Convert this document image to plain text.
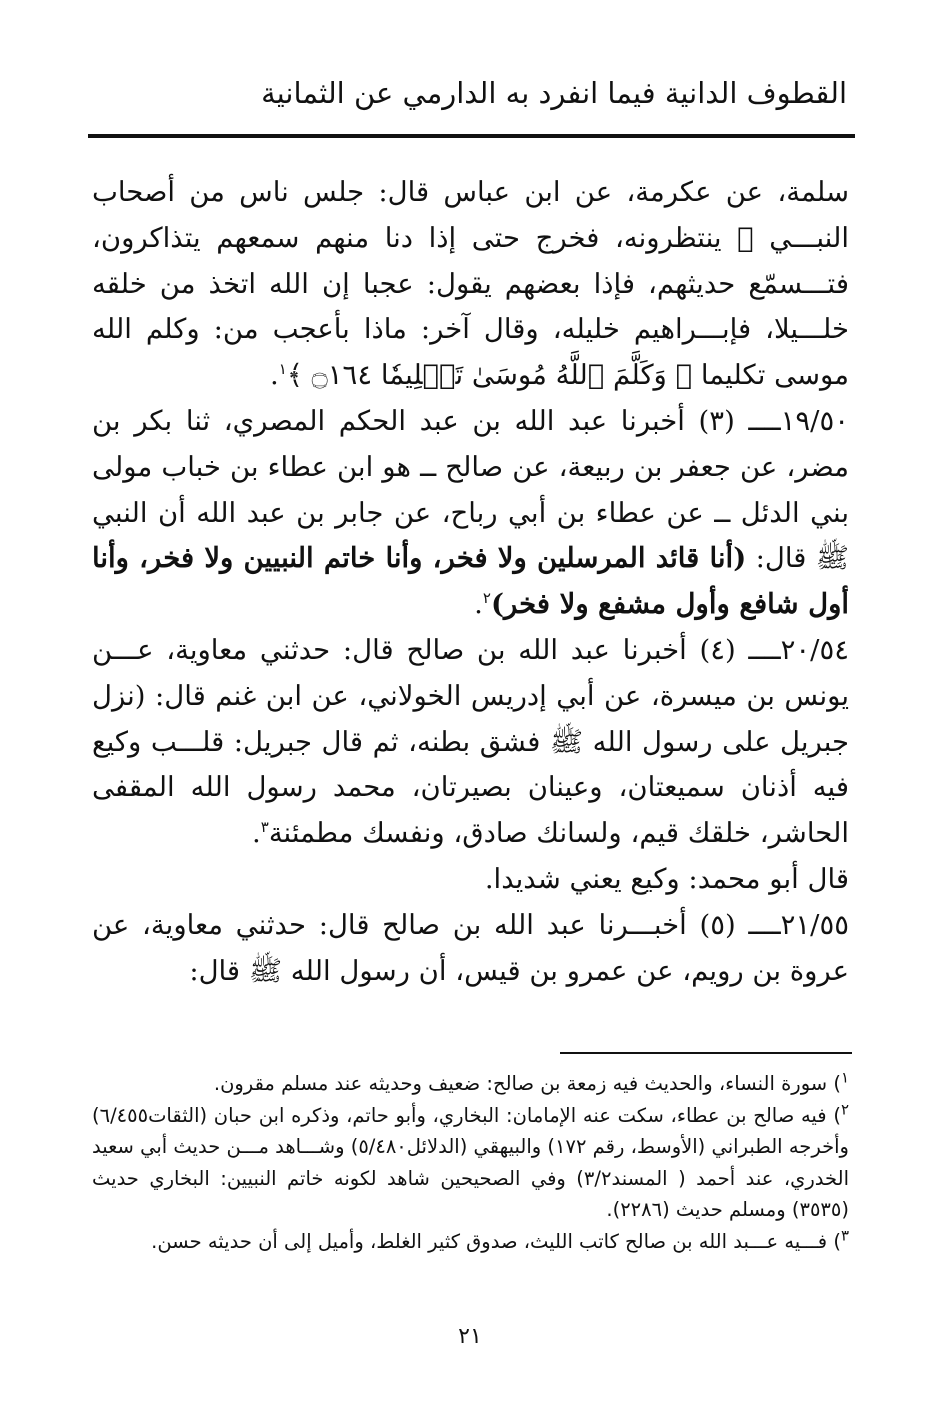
القطوف الدانية فيما انفرد به الدارمي عن الثمانية

سلمة، عن عكرمة، عن ابن عباس قال: جلس ناس من أصحاب النبـــي ﷺ ينتظرونه، فخرج حتى إذا دنا منهم سمعهم يتذاكرون، فتـــسمّع حديثهم، فإذا بعضهم يقول: عجبا إن الله اتخذ من خلقه خلـــيلا، فإبـــراهيم خليله، وقال آخر: ماذا بأعجب من: وكلم الله موسى تكليما ﴿ وَكَلَّمَ ٱللَّهُ مُوسَىٰ تَكۡلِيمٗا ۝١٦٤ ﴾$^١$.

١٩/٥٠ــــ (٣) أخبرنا عبد الله بن عبد الحكم المصري، ثنا بكر بن مضر، عن جعفر بن ربيعة، عن صالح ــ هو ابن عطاء بن خباب مولى بني الدئل ــ عن عطاء بن أبي رباح، عن جابر بن عبد الله أن النبي ﷺ قال: (أنا قائد المرسلين ولا فخر، وأنا خاتم النبيين ولا فخر، وأنا أول شافع وأول مشفع ولا فخر)$^٢$.

٢٠/٥٤ــــ (٤) أخبرنا عبد الله بن صالح قال: حدثني معاوية، عـــن يونس بن ميسرة، عن أبي إدريس الخولاني، عن ابن غنم قال: (نزل جبريل على رسول الله ﷺ فشق بطنه، ثم قال جبريل: قلـــب وكيع فيه أذنان سميعتان، وعينان بصيرتان، محمد رسول الله المقفى الحاشر، خلقك قيم، ولسانك صادق، ونفسك مطمئنة$^٣$.

قال أبو محمد: وكيع يعني شديدا.

٢١/٥٥ــــ (٥) أخبـــرنا عبد الله بن صالح قال: حدثني معاوية، عن عروة بن رويم، عن عمرو بن قيس، أن رسول الله ﷺ قال:

$^١$) سورة النساء، والحديث فيه زمعة بن صالح: ضعيف وحديثه عند مسلم مقرون.

$^٢$) فيه صالح بن عطاء، سكت عنه الإمامان: البخاري، وأبو حاتم، وذكره ابن حبان (الثقات٦/٤٥٥) وأخرجه الطبراني (الأوسط، رقم ١٧٢) والبيهقي (الدلائل٥/٤٨٠) وشـــاهد مـــن حديث أبي سعيد الخدري، عند أحمد ( المسند٣/٢) وفي الصحيحين شاهد لكونه خاتم النبيين: البخاري حديث (٣٥٣٥) ومسلم حديث (٢٢٨٦).

$^٣$) فـــيه عـــبد الله بن صالح كاتب الليث، صدوق كثير الغلط، وأميل إلى أن حديثه حسن.

٢١
